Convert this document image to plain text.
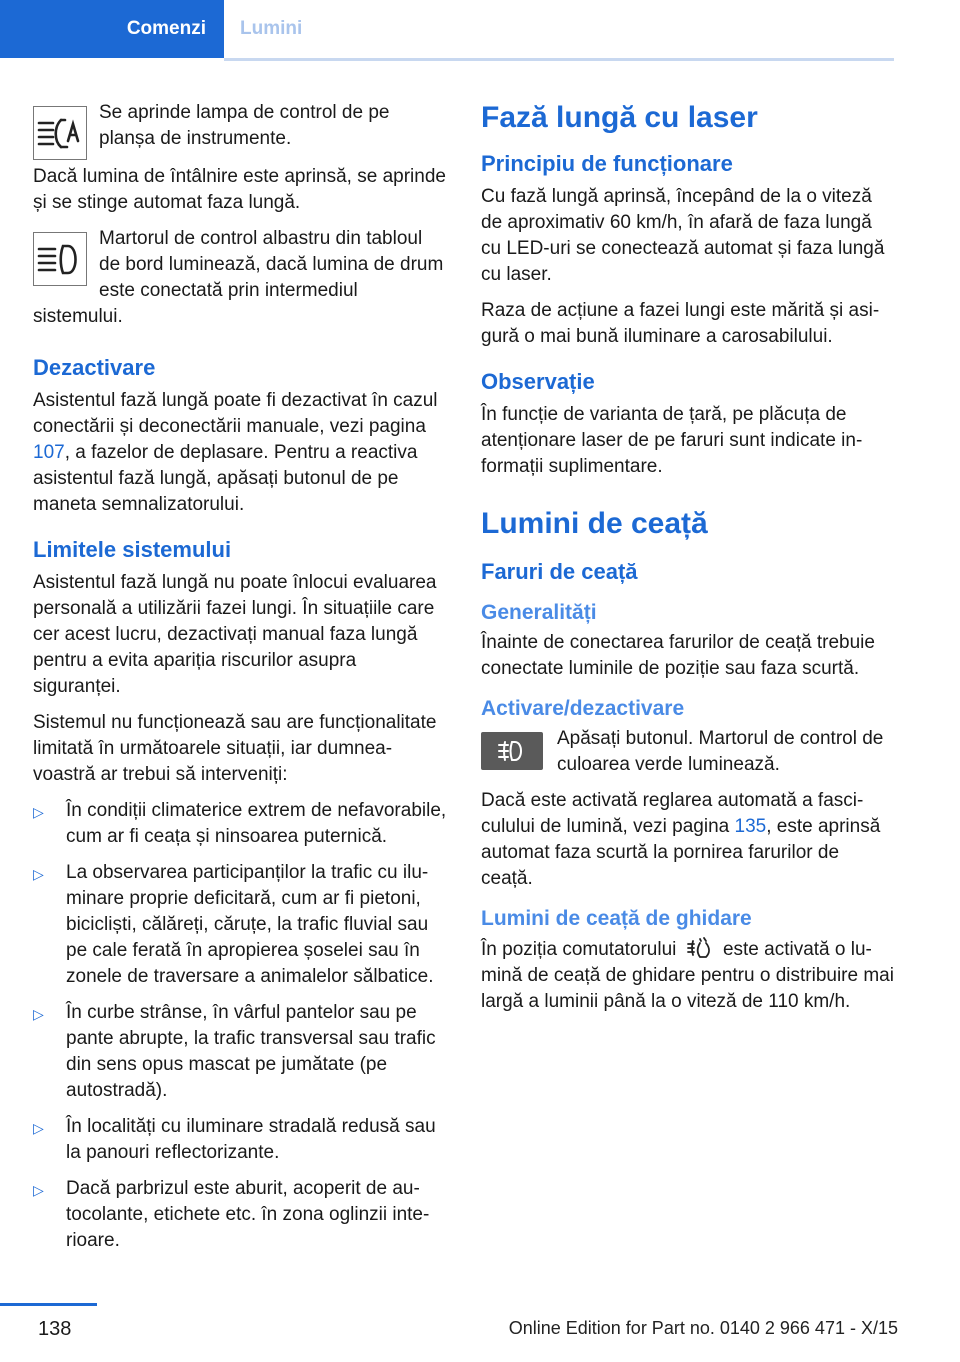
Comenzi	Lumini

Se aprinde lampa de control de pe planșa de instrumente.

Dacă lumina de întâlnire este aprinsă, se aprinde și se stinge automat faza lungă.

Martorul de control albastru din tabloul de bord luminează, dacă lumina de drum este conectată prin intermediul sistemului.

Dezactivare

Asistentul fază lungă poate fi dezactivat în cazul conectării și deconectării manuale, vezi pagina 107, a fazelor de deplasare. Pentru a reactiva asistentul fază lungă, apăsați butonul de pe maneta semnalizatorului.

Limitele sistemului

Asistentul fază lungă nu poate înlocui evaluarea personală a utilizării fazei lungi. În situațiile care cer acest lucru, dezactivați manual faza lungă pentru a evita apariția riscurilor asupra siguranței.

Sistemul nu funcționează sau are funcționalitate limitată în următoarele situații, iar dumneavoastră ar trebui să interveniți:

▷ În condiții climaterice extrem de nefavorabile, cum ar fi ceața și ninsoarea puternică.
▷ La observarea participanților la trafic cu iluminare proprie deficitară, cum ar fi pietoni, bicicliști, călăreți, căruțe, la trafic fluvial sau pe cale ferată în apropierea șoselei sau în zonele de traversare a animalelor sălbatice.
▷ În curbe strânse, în vârful pantelor sau pe pante abrupte, la trafic transversal sau trafic din sens opus mascat pe jumătate (pe autostradă).
▷ În localități cu iluminare stradală redusă sau la panouri reflectorizante.
▷ Dacă parbrizul este aburit, acoperit de autocolante, etichete etc. în zona oglinzii interioare.
Fază lungă cu laser
Principiu de funcționare

Cu fază lungă aprinsă, începând de la o viteză de aproximativ 60 km/h, în afară de faza lungă cu LED-uri se conectează automat și faza lungă cu laser.

Raza de acțiune a fazei lungi este mărită și asigură o mai bună iluminare a carosabilului.

Observație

În funcție de varianta de țară, pe plăcuța de atenționare laser de pe faruri sunt indicate informații suplimentare.

Lumini de ceață
Faruri de ceață
Generalități

Înainte de conectarea farurilor de ceață trebuie conectate luminile de poziție sau faza scurtă.

Activare/dezactivare

Apăsați butonul. Martorul de control de culoarea verde luminează.

Dacă este activată reglarea automată a fasciculului de lumină, vezi pagina 135, este aprinsă automat faza scurtă la pornirea farurilor de ceață.

Lumini de ceață de ghidare

În poziția comutatorului  este activată o lumină de ceață de ghidare pentru o distribuire mai largă a luminii până la o viteză de 110 km/h.

138	Online Edition for Part no. 0140 2 966 471 - X/15
